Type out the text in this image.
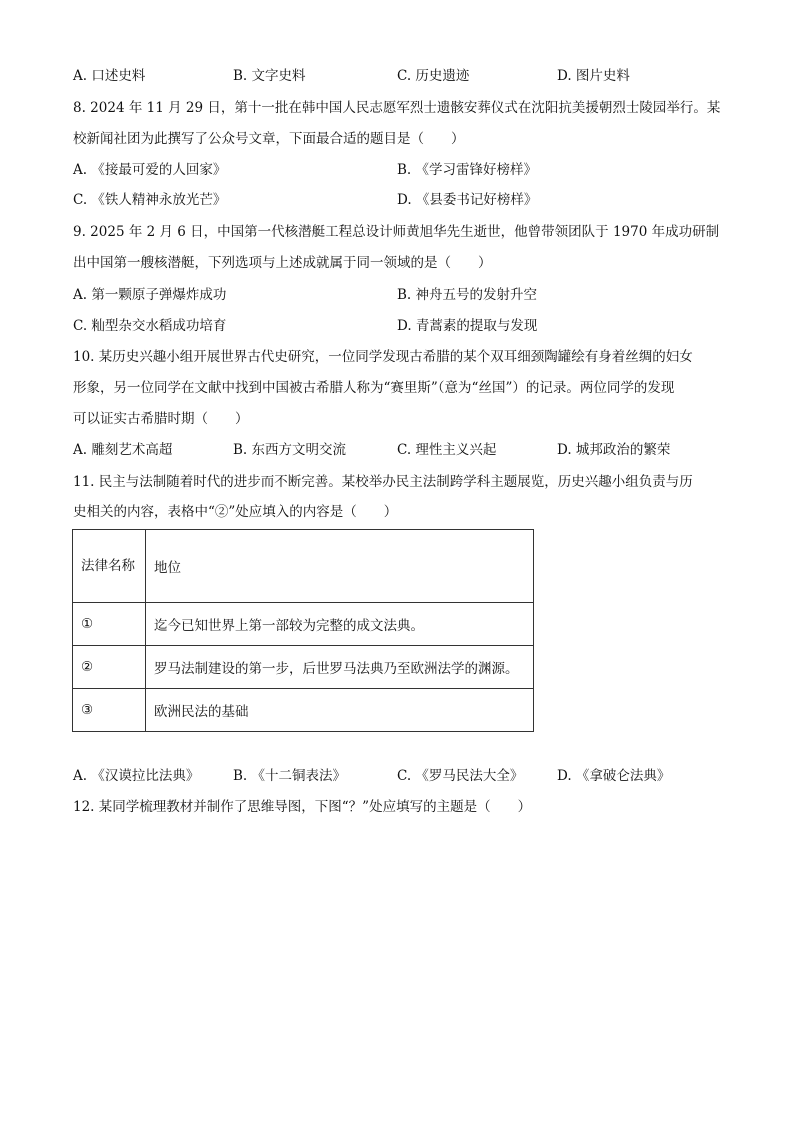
A. 口述史料	B. 文字史料	C. 历史遗迹	D. 图片史料
8. 2024 年 11 月 29 日，第十一批在韩中国人民志愿军烈士遗骸安葬仪式在沈阳抗美援朝烈士陵园举行。某
校新闻社团为此撰写了公众号文章，下面最合适的题目是（　　）
A. 《接最可爱的人回家》	B. 《学习雷锋好榜样》
C. 《铁人精神永放光芒》	D. 《县委书记好榜样》
9. 2025 年 2 月 6 日，中国第一代核潜艇工程总设计师黄旭华先生逝世，他曾带领团队于 1970 年成功研制
出中国第一艘核潜艇，下列选项与上述成就属于同一领域的是（　　）
A. 第一颗原子弹爆炸成功	B. 神舟五号的发射升空
C. 籼型杂交水稻成功培育	D. 青蒿素的提取与发现
10. 某历史兴趣小组开展世界古代史研究，一位同学发现古希腊的某个双耳细颈陶罐绘有身着丝绸的妇女
形象，另一位同学在文献中找到中国被古希腊人称为“赛里斯”（意为“丝国”）的记录。两位同学的发现
可以证实古希腊时期（　　）
A. 雕刻艺术高超	B. 东西方文明交流	C. 理性主义兴起	D. 城邦政治的繁荣
11. 民主与法制随着时代的进步而不断完善。某校举办民主法制跨学科主题展览，历史兴趣小组负责与历
史相关的内容，表格中“②”处应填入的内容是（　　）
法律名称	地位
①	迄今已知世界上第一部较为完整的成文法典。
②	罗马法制建设的第一步，后世罗马法典乃至欧洲法学的渊源。
③	欧洲民法的基础
A. 《汉谟拉比法典》 B. 《十二铜表法》	C. 《罗马民法大全》 D. 《拿破仑法典》
12. 某同学梳理教材并制作了思维导图，下图“？”处应填写的主题是（　　）
